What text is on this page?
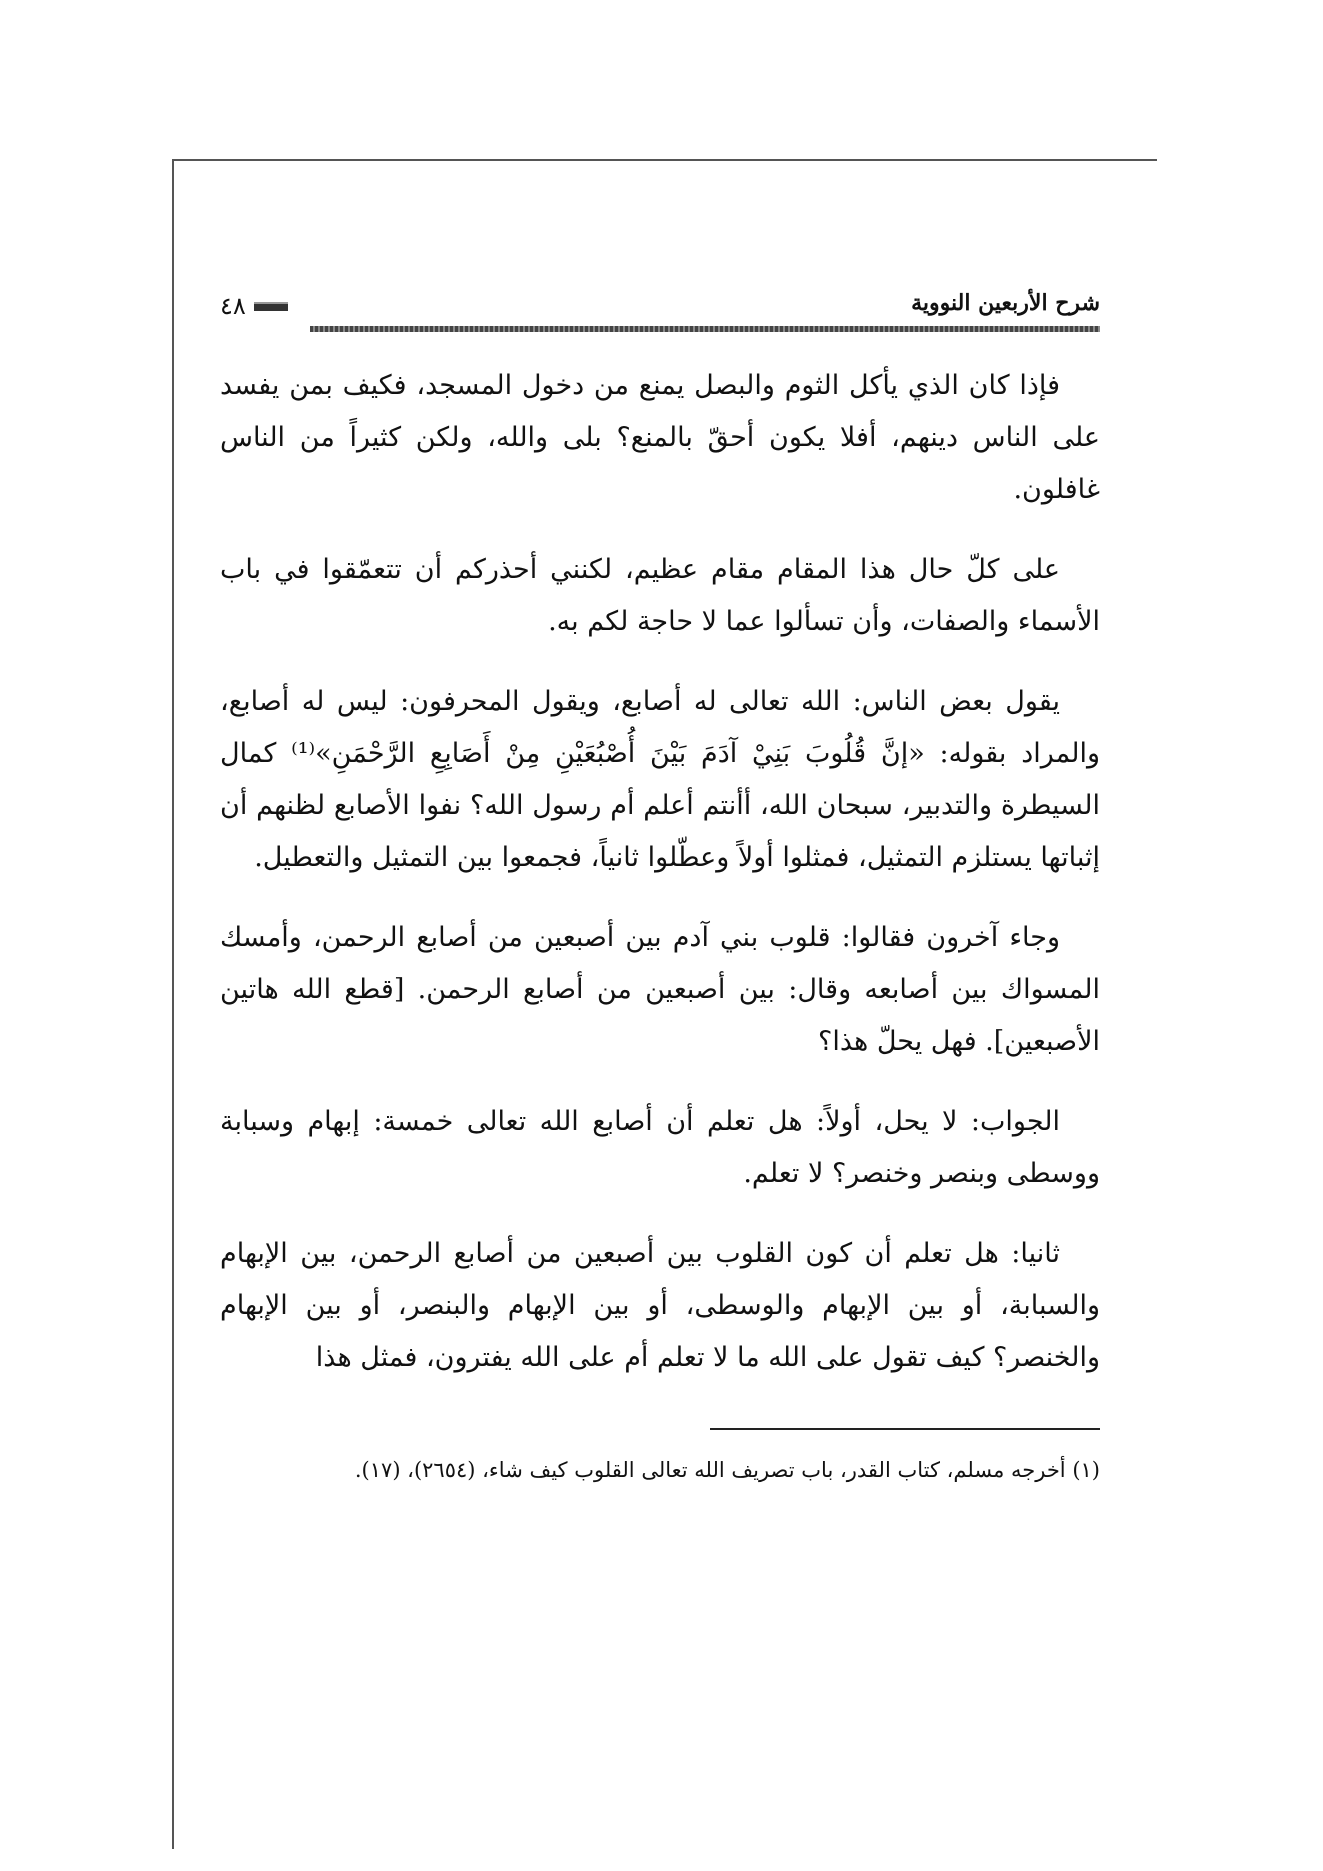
شرح الأربعين النووية
٤٨

فإذا كان الذي يأكل الثوم والبصل يمنع من دخول المسجد، فكيف بمن يفسد على الناس دينهم، أفلا يكون أحقّ بالمنع؟ بلى والله، ولكن كثيراً من الناس غافلون.

على كلّ حال هذا المقام مقام عظيم، لكنني أحذركم أن تتعمّقوا في باب الأسماء والصفات، وأن تسألوا عما لا حاجة لكم به.

يقول بعض الناس: الله تعالى له أصابع، ويقول المحرفون: ليس له أصابع، والمراد بقوله: «إنَّ قُلُوبَ بَنِيْ آدَمَ بَيْنَ أُصْبُعَيْنِ مِنْ أَصَابِعِ الرَّحْمَنِ»⁽¹⁾ كمال السيطرة والتدبير، سبحان الله، أأنتم أعلم أم رسول الله؟ نفوا الأصابع لظنهم أن إثباتها يستلزم التمثيل، فمثلوا أولاً وعطّلوا ثانياً، فجمعوا بين التمثيل والتعطيل.

وجاء آخرون فقالوا: قلوب بني آدم بين أصبعين من أصابع الرحمن، وأمسك المسواك بين أصابعه وقال: بين أصبعين من أصابع الرحمن. [قطع الله هاتين الأصبعين]. فهل يحلّ هذا؟

الجواب: لا يحل، أولاً: هل تعلم أن أصابع الله تعالى خمسة: إبهام وسبابة ووسطى وبنصر وخنصر؟ لا تعلم.

ثانيا: هل تعلم أن كون القلوب بين أصبعين من أصابع الرحمن، بين الإبهام والسبابة، أو بين الإبهام والوسطى، أو بين الإبهام والبنصر، أو بين الإبهام والخنصر؟ كيف تقول على الله ما لا تعلم أم على الله يفترون، فمثل هذا

(١) أخرجه مسلم، كتاب القدر، باب تصريف الله تعالى القلوب كيف شاء، (٢٦٥٤)، (١٧).
